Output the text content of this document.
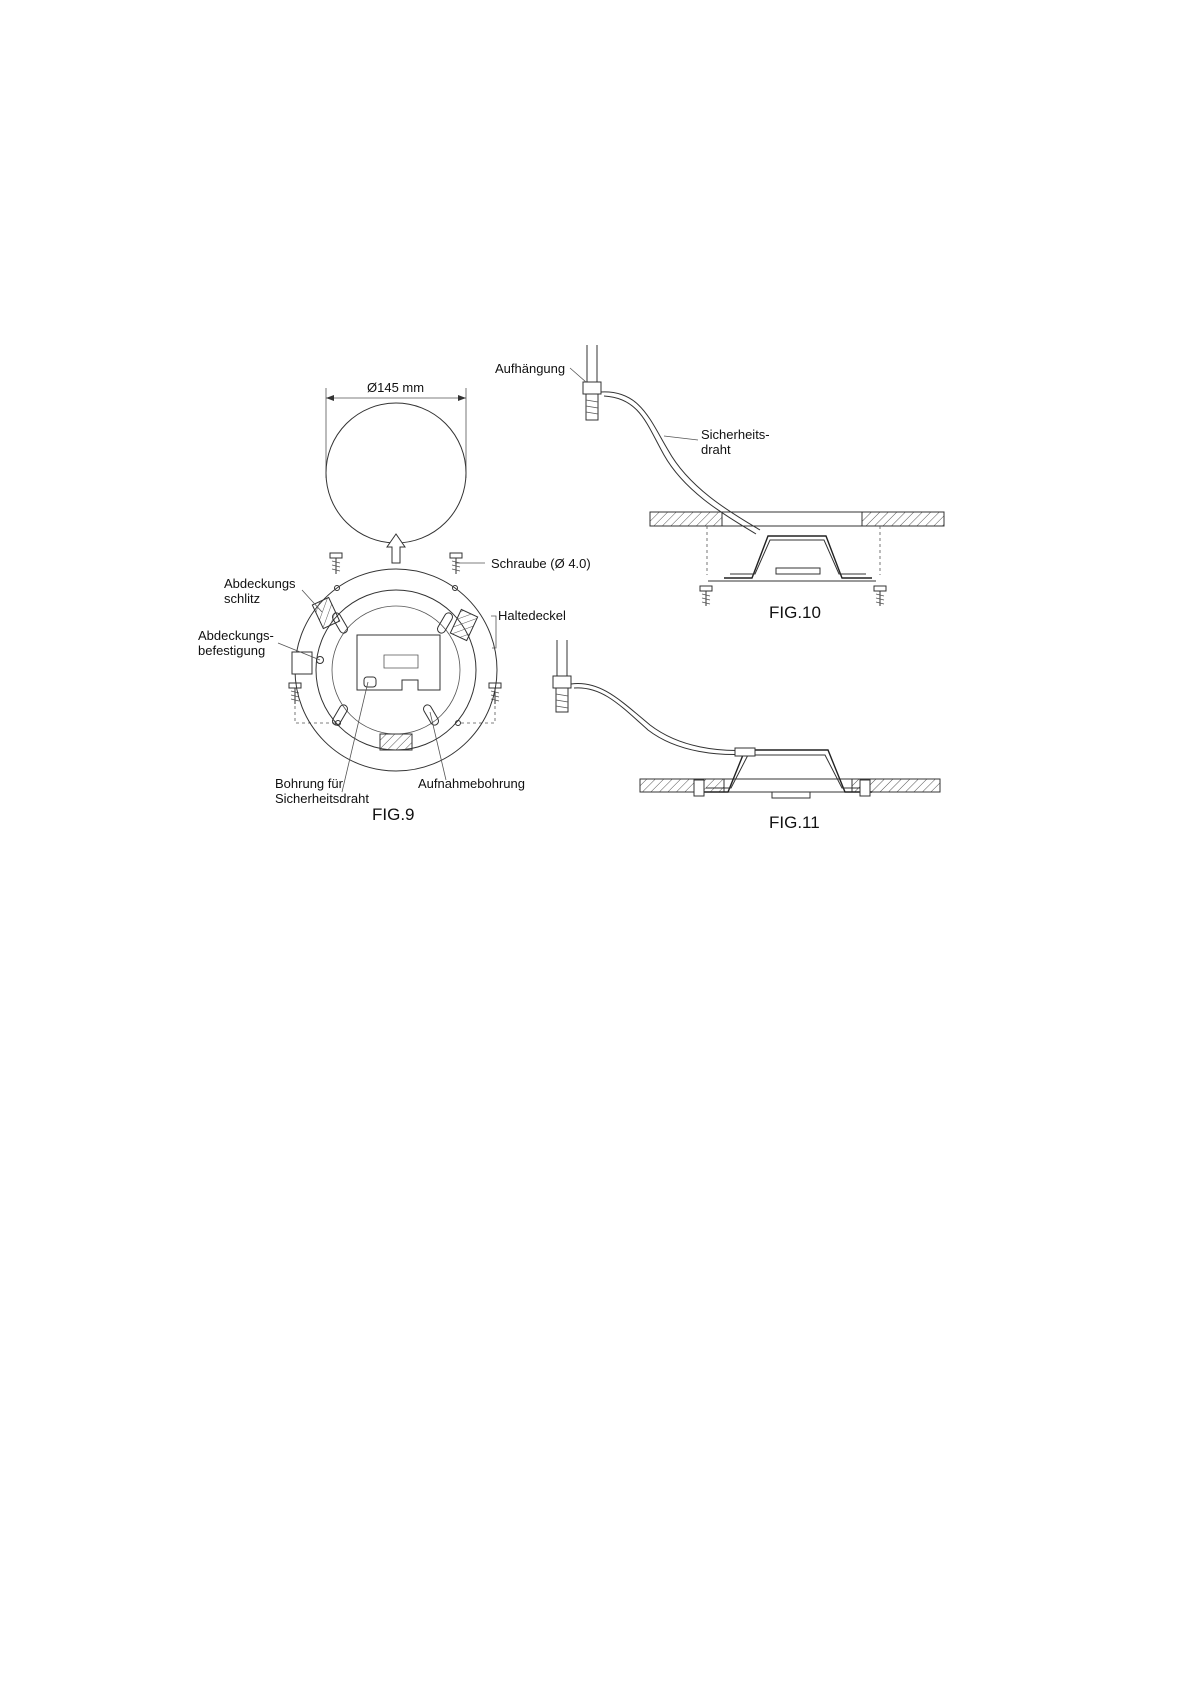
Ø145 mm
Schraube (Ø 4.0)
Abdeckungs
schlitz
Abdeckungs-
befestigung
Haltedeckel
Bohrung für
Sicherheitsdraht
Aufnahmebohrung
FIG.9
Aufhängung
Sicherheits-
draht
FIG.10
FIG.11
